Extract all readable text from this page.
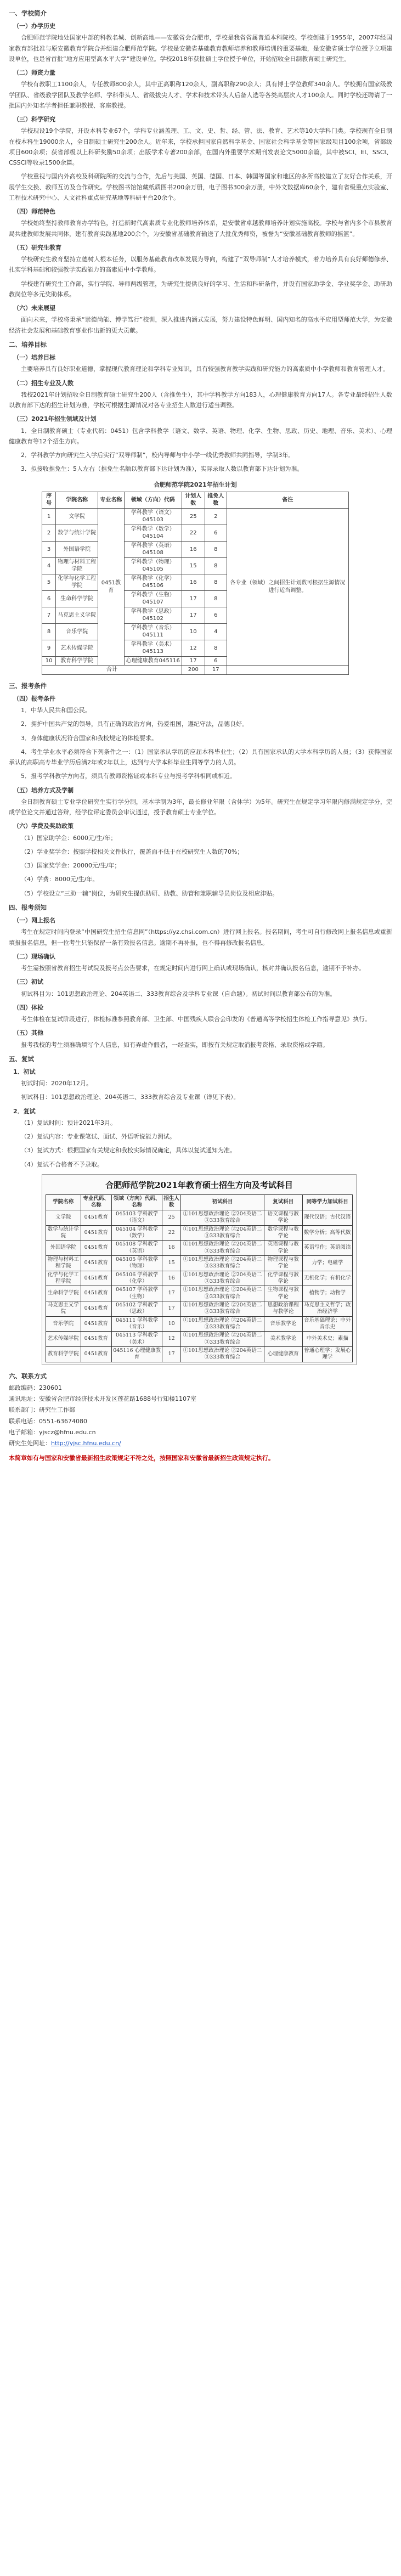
一、学校简介
（一）办学历史

合肥师范学院地处国家中部的科教名城、创新高地——安徽省会合肥市，学校是我省省属普通本科院校。学校创建于1955年，2007年经国家教育部批准与原安徽教育学院合并组建合肥师范学院。学校是安徽省基础教育教师培养和教师培训的重要基地，是安徽省硕士学位授予立项建设单位，也是省首批“地方应用型高水平大学”建设单位。学校2018年获批硕士学位授予单位，开始招收全日制教育硕士研究生。

（二）师资力量

学校有教职工1100余人，专任教师800余人，其中正高职称120余人，副高职称290余人；具有博士学位教师340余人。学校拥有国家级教学团队、省级教学团队及教学名师、学科带头人、省级拔尖人才、学术和技术带头人后备人选等各类高层次人才100余人。同时学校还聘请了一批国内外知名学者担任兼职教授、客座教授。

（三）科学研究

学校现设19个学院，开设本科专业67个，学科专业涵盖理、工、文、史、哲、经、管、法、教育、艺术等10大学科门类。学校现有全日制在校本科生19000余人，全日制硕士研究生200余人。近年来，学校承担国家自然科学基金、国家社会科学基金等国家级项目100余项，省部级项目600余项；获省部级以上科研奖励50余项；出版学术专著200余部，在国内外重要学术期刊发表论文5000余篇，其中被SCI、EI、SSCI、CSSCI等收录1500余篇。

学校重视与国内外高校及科研院所的交流与合作，先后与美国、英国、德国、日本、韩国等国家和地区的多所高校建立了友好合作关系，开展学生交换、教师互访及合作研究。学校图书馆馆藏纸质图书200余万册，电子图书300余万册，中外文数据库60余个，建有省级重点实验室、工程技术研究中心、人文社科重点研究基地等科研平台20余个。

（四）师范特色

学校始终坚持教师教育办学特色，打造新时代高素质专业化教师培养体系，是安徽省卓越教师培养计划实施高校。学校与省内多个市县教育局共建教师发展共同体，建有教育实践基地200余个，为安徽省基础教育输送了大批优秀师资，被誉为“安徽基础教育教师的摇篮”。

（五）研究生教育

学校研究生教育坚持立德树人根本任务，以服务基础教育改革发展为导向，构建了“双导师制”人才培养模式，着力培养具有良好师德修养、扎实学科基础和较强教学实践能力的高素质中小学教师。

学校建有研究生工作部，实行学院、导师两级管理，为研究生提供良好的学习、生活和科研条件，并设有国家助学金、学业奖学金、助研助教岗位等多元奖助体系。

（六）未来展望

面向未来，学校将秉承“崇德尚能、博学笃行”校训，深入推进内涵式发展，努力建设特色鲜明、国内知名的高水平应用型师范大学，为安徽经济社会发展和基础教育事业作出新的更大贡献。

二、培养目标
（一）培养目标

主要培养具有良好职业道德，掌握现代教育理论和学科专业知识，具有较强教育教学实践和研究能力的高素质中小学教师和教育管理人才。

（二）招生专业及人数

我校2021年计划招收全日制教育硕士研究生200人（含推免生），其中学科教学方向183人，心理健康教育方向17人。各专业最终招生人数以教育部下达的招生计划为准，学校可根据生源情况对各专业招生人数进行适当调整。

（三）2021年招生领域及计划

1．全日制教育硕士（专业代码：0451）包含学科教学（语文、数学、英语、物理、化学、生物、思政、历史、地理、音乐、美术）、心理健康教育等12个招生方向。

2．学科教学方向研究生入学后实行“双导师制”，校内导师与中小学一线优秀教师共同指导，学制3年。

3．拟接收推免生：5人左右（推免生名额以教育部下达计划为准），实际录取人数以教育部下达计划为准。

合肥师范学院2021年招生计划
序号	学院名称	专业名称	领域（方向）代码	计划人数	推免人数	备注
1	文学院	0451教育	学科教学（语文）045103	25	2	各专业（领域）之间招生计划数可根据生源情况进行适当调整。
2	数学与统计学院		学科教学（数学）045104	22	6	
3	外国语学院		学科教学（英语）045108	16	8	
4	物理与材料工程学院		学科教学（物理）045105	15	8	
5	化学与化学工程学院		学科教学（化学）045106	16	8	
6	生命科学学院		学科教学（生物）045107	17	8	
7	马克思主义学院		学科教学（思政）045102	17	6	
8	音乐学院		学科教学（音乐）045111	10	4	
9	艺术传媒学院		学科教学（美术）045113	12	8	
10	教育科学学院		心理健康教育045116	17	6	
合计				200	17	
三、报考条件
（四）报考条件

1．中华人民共和国公民。

2．拥护中国共产党的领导，具有正确的政治方向，热爱祖国，遵纪守法，品德良好。

3．身体健康状况符合国家和我校规定的体检要求。

4．考生学业水平必须符合下列条件之一：（1）国家承认学历的应届本科毕业生；（2）具有国家承认的大学本科学历的人员；（3）获得国家承认的高职高专毕业学历后满2年或2年以上，达到与大学本科毕业生同等学力的人员。

5．报考学科教学方向者，须具有教师资格证或本科专业与报考学科相同或相近。

（五）培养方式及学制

全日制教育硕士专业学位研究生实行学分制，基本学制为3年，最长修业年限（含休学）为5年。研究生在规定学习年限内修满规定学分，完成学位论文并通过答辩，经学位评定委员会审议通过，授予教育硕士专业学位。

（六）学费及奖助政策

（1）国家助学金：6000元/生/年；

（2）学业奖学金：按照学校相关文件执行，覆盖面不低于在校研究生人数的70%；

（3）国家奖学金：20000元/生/年；

（4）学费：8000元/生/年。

（5）学校设立“三助一辅”岗位，为研究生提供助研、助教、助管和兼职辅导员岗位及相应津贴。

四、报考须知
（一）网上报名

考生在规定时间内登录“中国研究生招生信息网”（https://yz.chsi.com.cn）进行网上报名。报名期间，考生可自行修改网上报名信息或重新填报报名信息，但一位考生只能保留一条有效报名信息。逾期不再补报，也不得再修改报名信息。

（二）现场确认

考生需按照省教育招生考试院及报考点公告要求，在规定时间内进行网上确认或现场确认，核对并确认报名信息，逾期不予补办。

（三）初试

初试科目为：101思想政治理论、204英语二、333教育综合及学科专业课（自命题）。初试时间以教育部公布的为准。

（四）体检

考生体检在复试阶段进行，体检标准参照教育部、卫生部、中国残疾人联合会印发的《普通高等学校招生体检工作指导意见》执行。

（五）其他

报考我校的考生须准确填写个人信息，如有弄虚作假者，一经查实，即按有关规定取消报考资格、录取资格或学籍。

五、复试
1．初试

初试时间：2020年12月。

初试科目：101思想政治理论、204英语二、333教育综合及专业课（详见下表）。

2．复试

（1）复试时间：预计2021年3月。

（2）复试内容：专业课笔试、面试、外语听说能力测试。

（3）复试方式：根据国家有关规定和我校实际情况确定，具体以复试通知为准。

（4）复试不合格者不予录取。

合肥师范学院2021年教育硕士招生方向及考试科目
学院名称	专业代码、名称	领域（方向）代码、名称	招生人数	初试科目	复试科目	同等学力加试科目
文学院	0451教育	045103 学科教学（语文）	25	①101思想政治理论 ②204英语二 ③333教育综合	语文课程与教学论	现代汉语；古代汉语
数学与统计学院	0451教育	045104 学科教学（数学）	22	①101思想政治理论 ②204英语二 ③333教育综合	数学课程与教学论	数学分析；高等代数
外国语学院	0451教育	045108 学科教学（英语）	16	①101思想政治理论 ②204英语二 ③333教育综合	英语课程与教学论	英语写作；英语阅读
物理与材料工程学院	0451教育	045105 学科教学（物理）	15	①101思想政治理论 ②204英语二 ③333教育综合	物理课程与教学论	力学；电磁学
化学与化学工程学院	0451教育	045106 学科教学（化学）	16	①101思想政治理论 ②204英语二 ③333教育综合	化学课程与教学论	无机化学；有机化学
生命科学学院	0451教育	045107 学科教学（生物）	17	①101思想政治理论 ②204英语二 ③333教育综合	生物课程与教学论	植物学；动物学
马克思主义学院	0451教育	045102 学科教学（思政）	17	①101思想政治理论 ②204英语二 ③333教育综合	思想政治课程与教学论	马克思主义哲学；政治经济学
音乐学院	0451教育	045111 学科教学（音乐）	10	①101思想政治理论 ②204英语二 ③333教育综合	音乐教学论	音乐基础理论；中外音乐史
艺术传媒学院	0451教育	045113 学科教学（美术）	12	①101思想政治理论 ②204英语二 ③333教育综合	美术教学论	中外美术史；素描
教育科学学院	0451教育	045116 心理健康教育	17	①101思想政治理论 ②204英语二 ③333教育综合	心理健康教育	普通心理学；发展心理学
六、联系方式

邮政编码：230601

通讯地址：安徽省合肥市经济技术开发区莲花路1688号行知楼1107室

联系部门：研究生工作部

联系电话：0551-63674080

电子邮箱：yjscz@hfnu.edu.cn

研究生处网址：http://yjsc.hfnu.edu.cn/

本简章如有与国家和安徽省最新招生政策规定不符之处，按照国家和安徽省最新招生政策规定执行。
